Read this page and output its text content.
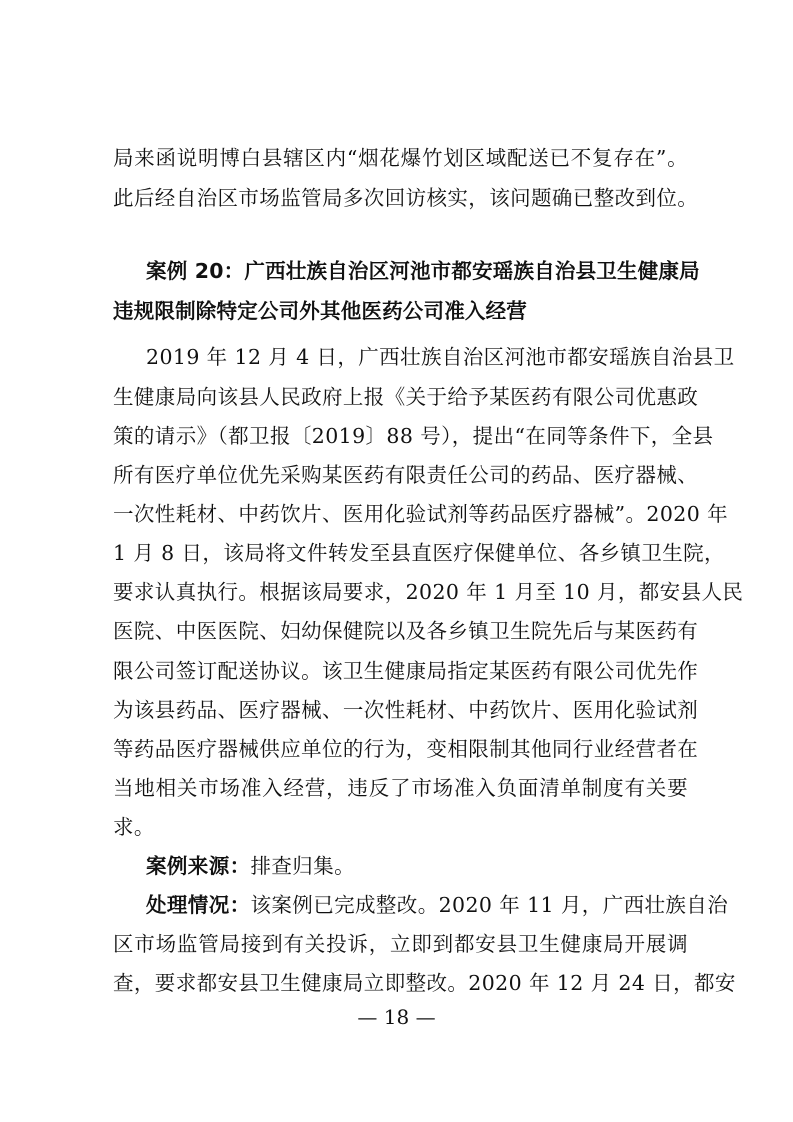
局来函说明博白县辖区内“烟花爆竹划区域配送已不复存在”。
此后经自治区市场监管局多次回访核实，该问题确已整改到位。
案例 20：广西壮族自治区河池市都安瑶族自治县卫生健康局
违规限制除特定公司外其他医药公司准入经营
2019 年 12 月 4 日，广西壮族自治区河池市都安瑶族自治县卫
生健康局向该县人民政府上报《关于给予某医药有限公司优惠政
策的请示》（都卫报〔2019〕88 号），提出“在同等条件下，全县
所有医疗单位优先采购某医药有限责任公司的药品、医疗器械、
一次性耗材、中药饮片、医用化验试剂等药品医疗器械”。2020 年
1 月 8 日，该局将文件转发至县直医疗保健单位、各乡镇卫生院，
要求认真执行。根据该局要求，2020 年 1 月至 10 月，都安县人民
医院、中医医院、妇幼保健院以及各乡镇卫生院先后与某医药有
限公司签订配送协议。该卫生健康局指定某医药有限公司优先作
为该县药品、医疗器械、一次性耗材、中药饮片、医用化验试剂
等药品医疗器械供应单位的行为，变相限制其他同行业经营者在
当地相关市场准入经营，违反了市场准入负面清单制度有关要
求。
案例来源：排查归集。
处理情况：该案例已完成整改。2020 年 11 月，广西壮族自治
区市场监管局接到有关投诉，立即到都安县卫生健康局开展调
查，要求都安县卫生健康局立即整改。2020 年 12 月 24 日，都安
— 18 —
